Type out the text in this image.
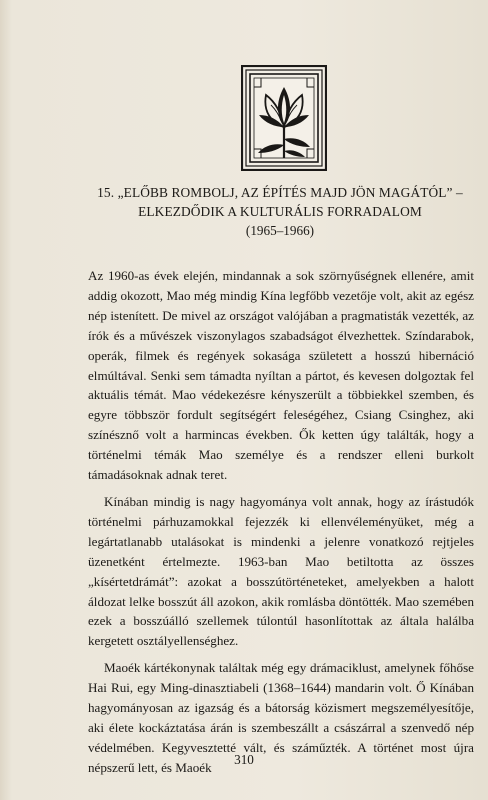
15. „ELŐBB ROMBOLJ, AZ ÉPÍTÉS MAJD JÖN MAGÁTÓL” –
ELKEZDŐDIK A KULTURÁLIS FORRADALOM
(1965–1966)

Az 1960-as évek elején, mindannak a sok szörnyűségnek ellenére, amit addig okozott, Mao még mindig Kína legfőbb vezetője volt, akit az egész nép istenített. De mivel az országot valójában a pragmatisták vezették, az írók és a művészek viszonylagos szabadságot élvezhettek. Színdarabok, operák, filmek és regények sokasága született a hosszú hibernáció elmúltával. Senki sem támadta nyíltan a pártot, és kevesen dolgoztak fel aktuális témát. Mao védekezésre kényszerült a többiekkel szemben, és egyre többször fordult segítségért feleségéhez, Csiang Csinghez, aki színésznő volt a harmincas években. Ők ketten úgy találták, hogy a történelmi témák Mao személye és a rendszer elleni burkolt támadásoknak adnak teret.

Kínában mindig is nagy hagyománya volt annak, hogy az írástudók történelmi párhuzamokkal fejezzék ki ellenvéleményüket, még a legártatlanabb utalásokat is mindenki a jelenre vonatkozó rejtjeles üzenetként értelmezte. 1963-ban Mao betiltotta az összes „kísértetdrámát”: azokat a bosszútörténeteket, amelyekben a halott áldozat lelke bosszút áll azokon, akik romlásba döntötték. Mao szemében ezek a bosszúálló szellemek túlontúl hasonlítottak az általa halálba kergetett osztályellenséghez.

Maoék kártékonynak találtak még egy drámaciklust, amelynek főhőse Hai Rui, egy Ming-dinasztiabeli (1368–1644) mandarin volt. Ő Kínában hagyományosan az igazság és a bátorság közismert megszemélyesítője, aki élete kockáztatása árán is szembeszállt a császárral a szenvedő nép védelmében. Kegyvesztetté vált, és száműzték. A történet most újra népszerű lett, és Maoék

310
